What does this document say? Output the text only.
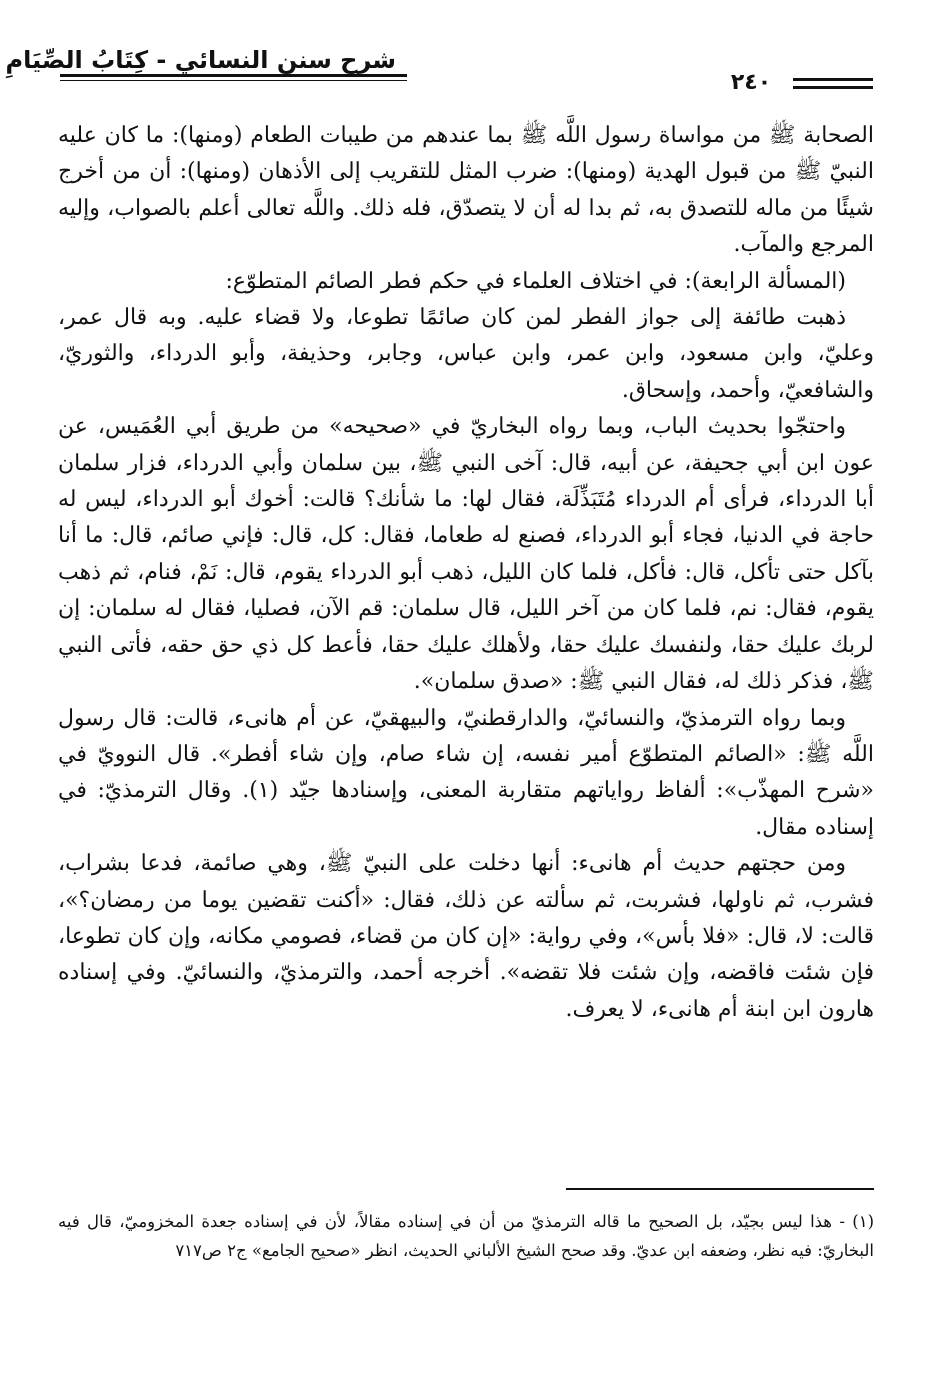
شرح سنن النسائي - كِتَابُ الصِّيَامِ
٢٤٠

الصحابة ﷺ من مواساة رسول اللَّه ﷺ بما عندهم من طيبات الطعام (ومنها): ما كان عليه النبيّ ﷺ من قبول الهدية (ومنها): ضرب المثل للتقريب إلى الأذهان (ومنها): أن من أخرج شيئًا من ماله للتصدق به، ثم بدا له أن لا يتصدّق، فله ذلك. واللَّه تعالى أعلم بالصواب، وإليه المرجع والمآب.

(المسألة الرابعة): في اختلاف العلماء في حكم فطر الصائم المتطوّع:

ذهبت طائفة إلى جواز الفطر لمن كان صائمًا تطوعا، ولا قضاء عليه. وبه قال عمر، وعليّ، وابن مسعود، وابن عمر، وابن عباس، وجابر، وحذيفة، وأبو الدرداء، والثوريّ، والشافعيّ، وأحمد، وإسحاق.

واحتجّوا بحديث الباب، وبما رواه البخاريّ في «صحيحه» من طريق أبي العُمَيس، عن عون ابن أبي جحيفة، عن أبيه، قال: آخى النبي ﷺ، بين سلمان وأبي الدرداء، فزار سلمان أبا الدرداء، فرأى أم الدرداء مُتَبَذِّلَة، فقال لها: ما شأنك؟ قالت: أخوك أبو الدرداء، ليس له حاجة في الدنيا، فجاء أبو الدرداء، فصنع له طعاما، فقال: كل، قال: فإني صائم، قال: ما أنا بآكل حتى تأكل، قال: فأكل، فلما كان الليل، ذهب أبو الدرداء يقوم، قال: نَمْ، فنام، ثم ذهب يقوم، فقال: نم، فلما كان من آخر الليل، قال سلمان: قم الآن، فصليا، فقال له سلمان: إن لربك عليك حقا، ولنفسك عليك حقا، ولأهلك عليك حقا، فأعط كل ذي حق حقه، فأتى النبي ﷺ، فذكر ذلك له، فقال النبي ﷺ: «صدق سلمان».

وبما رواه الترمذيّ، والنسائيّ، والدارقطنيّ، والبيهقيّ، عن أم هانىء، قالت: قال رسول اللَّه ﷺ: «الصائم المتطوّع أمير نفسه، إن شاء صام، وإن شاء أفطر». قال النوويّ في «شرح المهذّب»: ألفاظ رواياتهم متقاربة المعنى، وإسنادها جيّد (١). وقال الترمذيّ: في إسناده مقال.

ومن حجتهم حديث أم هانىء: أنها دخلت على النبيّ ﷺ، وهي صائمة، فدعا بشراب، فشرب، ثم ناولها، فشربت، ثم سألته عن ذلك، فقال: «أكنت تقضين يوما من رمضان؟»، قالت: لا، قال: «فلا بأس»، وفي رواية: «إن كان من قضاء، فصومي مكانه، وإن كان تطوعا، فإن شئت فاقضه، وإن شئت فلا تقضه». أخرجه أحمد، والترمذيّ، والنسائيّ. وفي إسناده هارون ابن ابنة أم هانىء، لا يعرف.

(١) - هذا ليس بجيّد، بل الصحيح ما قاله الترمذيّ من أن في إسناده مقالاً، لأن في إسناده جعدة المخزوميّ، قال فيه البخاريّ: فيه نظر، وضعفه ابن عديّ. وقد صحح الشيخ الألباني الحديث، انظر «صحيح الجامع» ج٢ ص٧١٧
